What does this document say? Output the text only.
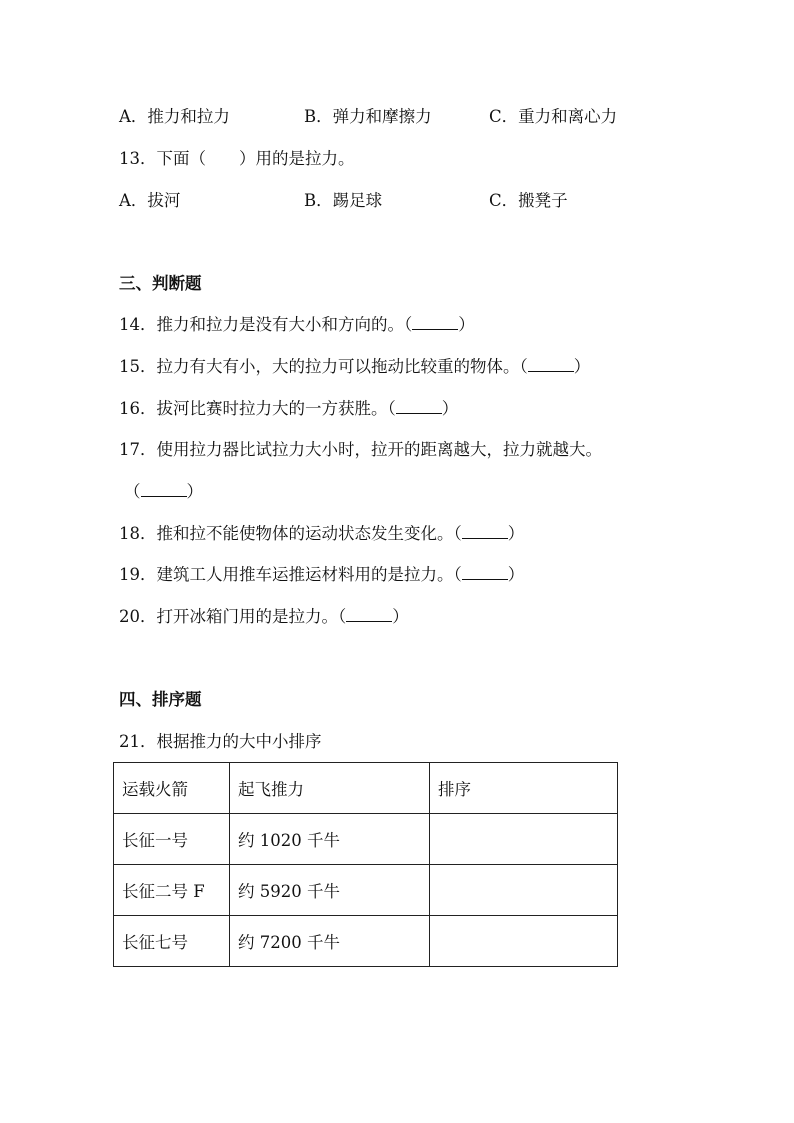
A．推力和拉力	B．弹力和摩擦力	C．重力和离心力
13．下面（　　）用的是拉力。
A．拔河	B．踢足球	C．搬凳子
三、判断题
14．推力和拉力是没有大小和方向的。（	）
15．拉力有大有小，大的拉力可以拖动比较重的物体。（	）
16．拔河比赛时拉力大的一方获胜。（	）
17．使用拉力器比试拉力大小时，拉开的距离越大，拉力就越大。
（	）
18．推和拉不能使物体的运动状态发生变化。（	）
19．建筑工人用推车运推运材料用的是拉力。（	）
20．打开冰箱门用的是拉力。（	）
四、排序题
21．根据推力的大中小排序
运载火箭	起飞推力	排序
长征一号	约 1020 千牛	
长征二号 F	约 5920 千牛	
长征七号	约 7200 千牛	
